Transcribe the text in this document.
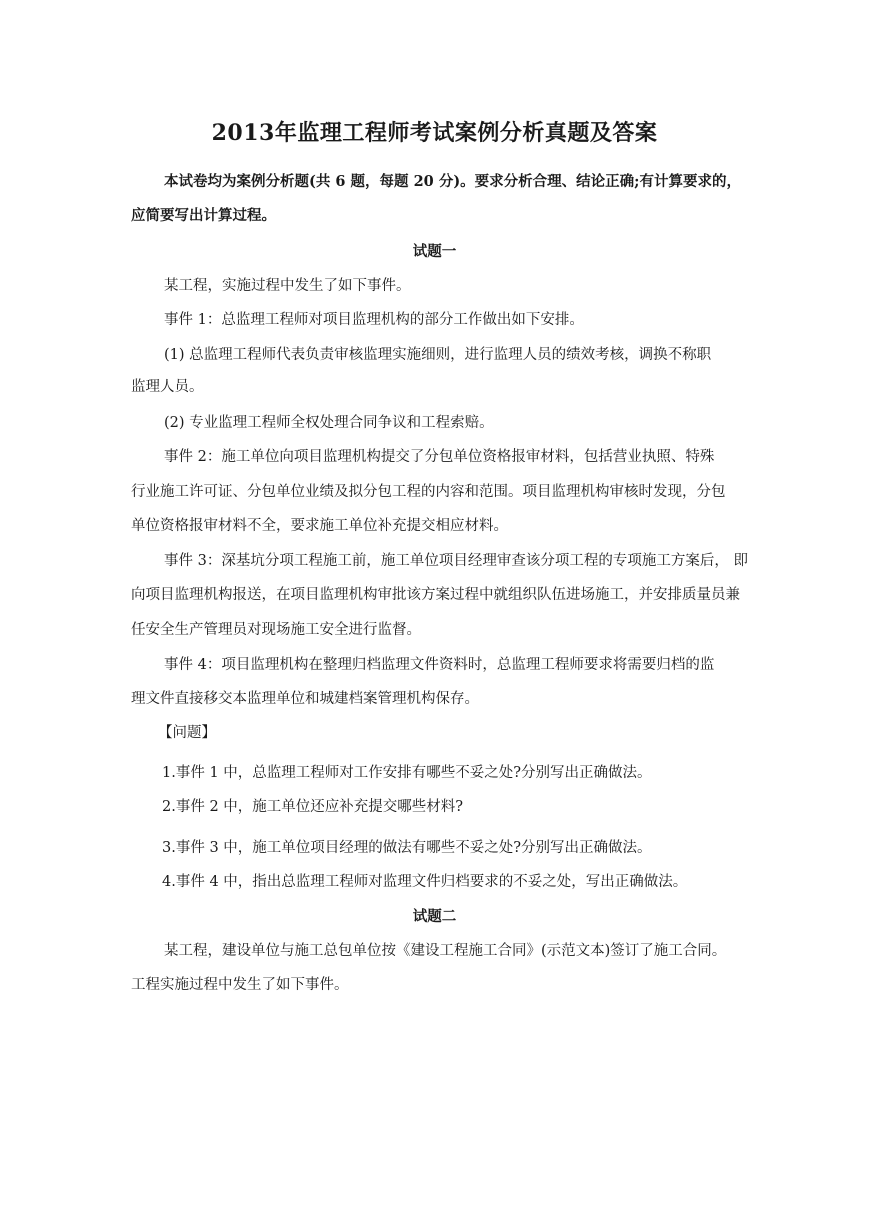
2013年监理工程师考试案例分析真题及答案
本试卷均为案例分析题(共 6 题，每题 20 分)。要求分析合理、结论正确;有计算要求的，
应简要写出计算过程。
试题一
某工程，实施过程中发生了如下事件。
事件 1：总监理工程师对项目监理机构的部分工作做出如下安排。
(1) 总监理工程师代表负责审核监理实施细则，进行监理人员的绩效考核，调换不称职
监理人员。
(2) 专业监理工程师全权处理合同争议和工程索赔。
事件 2：施工单位向项目监理机构提交了分包单位资格报审材料，包括营业执照、特殊
行业施工许可证、分包单位业绩及拟分包工程的内容和范围。项目监理机构审核时发现，分包
单位资格报审材料不全，要求施工单位补充提交相应材料。
事件 3：深基坑分项工程施工前，施工单位项目经理审查该分项工程的专项施工方案后， 即
向项目监理机构报送，在项目监理机构审批该方案过程中就组织队伍进场施工，并安排质量员兼
任安全生产管理员对现场施工安全进行监督。
事件 4：项目监理机构在整理归档监理文件资料时，总监理工程师要求将需要归档的监
理文件直接移交本监理单位和城建档案管理机构保存。
【问题】
1.事件 1 中，总监理工程师对工作安排有哪些不妥之处?分别写出正确做法。
2.事件 2 中，施工单位还应补充提交哪些材料?
3.事件 3 中，施工单位项目经理的做法有哪些不妥之处?分别写出正确做法。
4.事件 4 中，指出总监理工程师对监理文件归档要求的不妥之处，写出正确做法。
试题二
某工程，建设单位与施工总包单位按《建设工程施工合同》(示范文本)签订了施工合同。
工程实施过程中发生了如下事件。
